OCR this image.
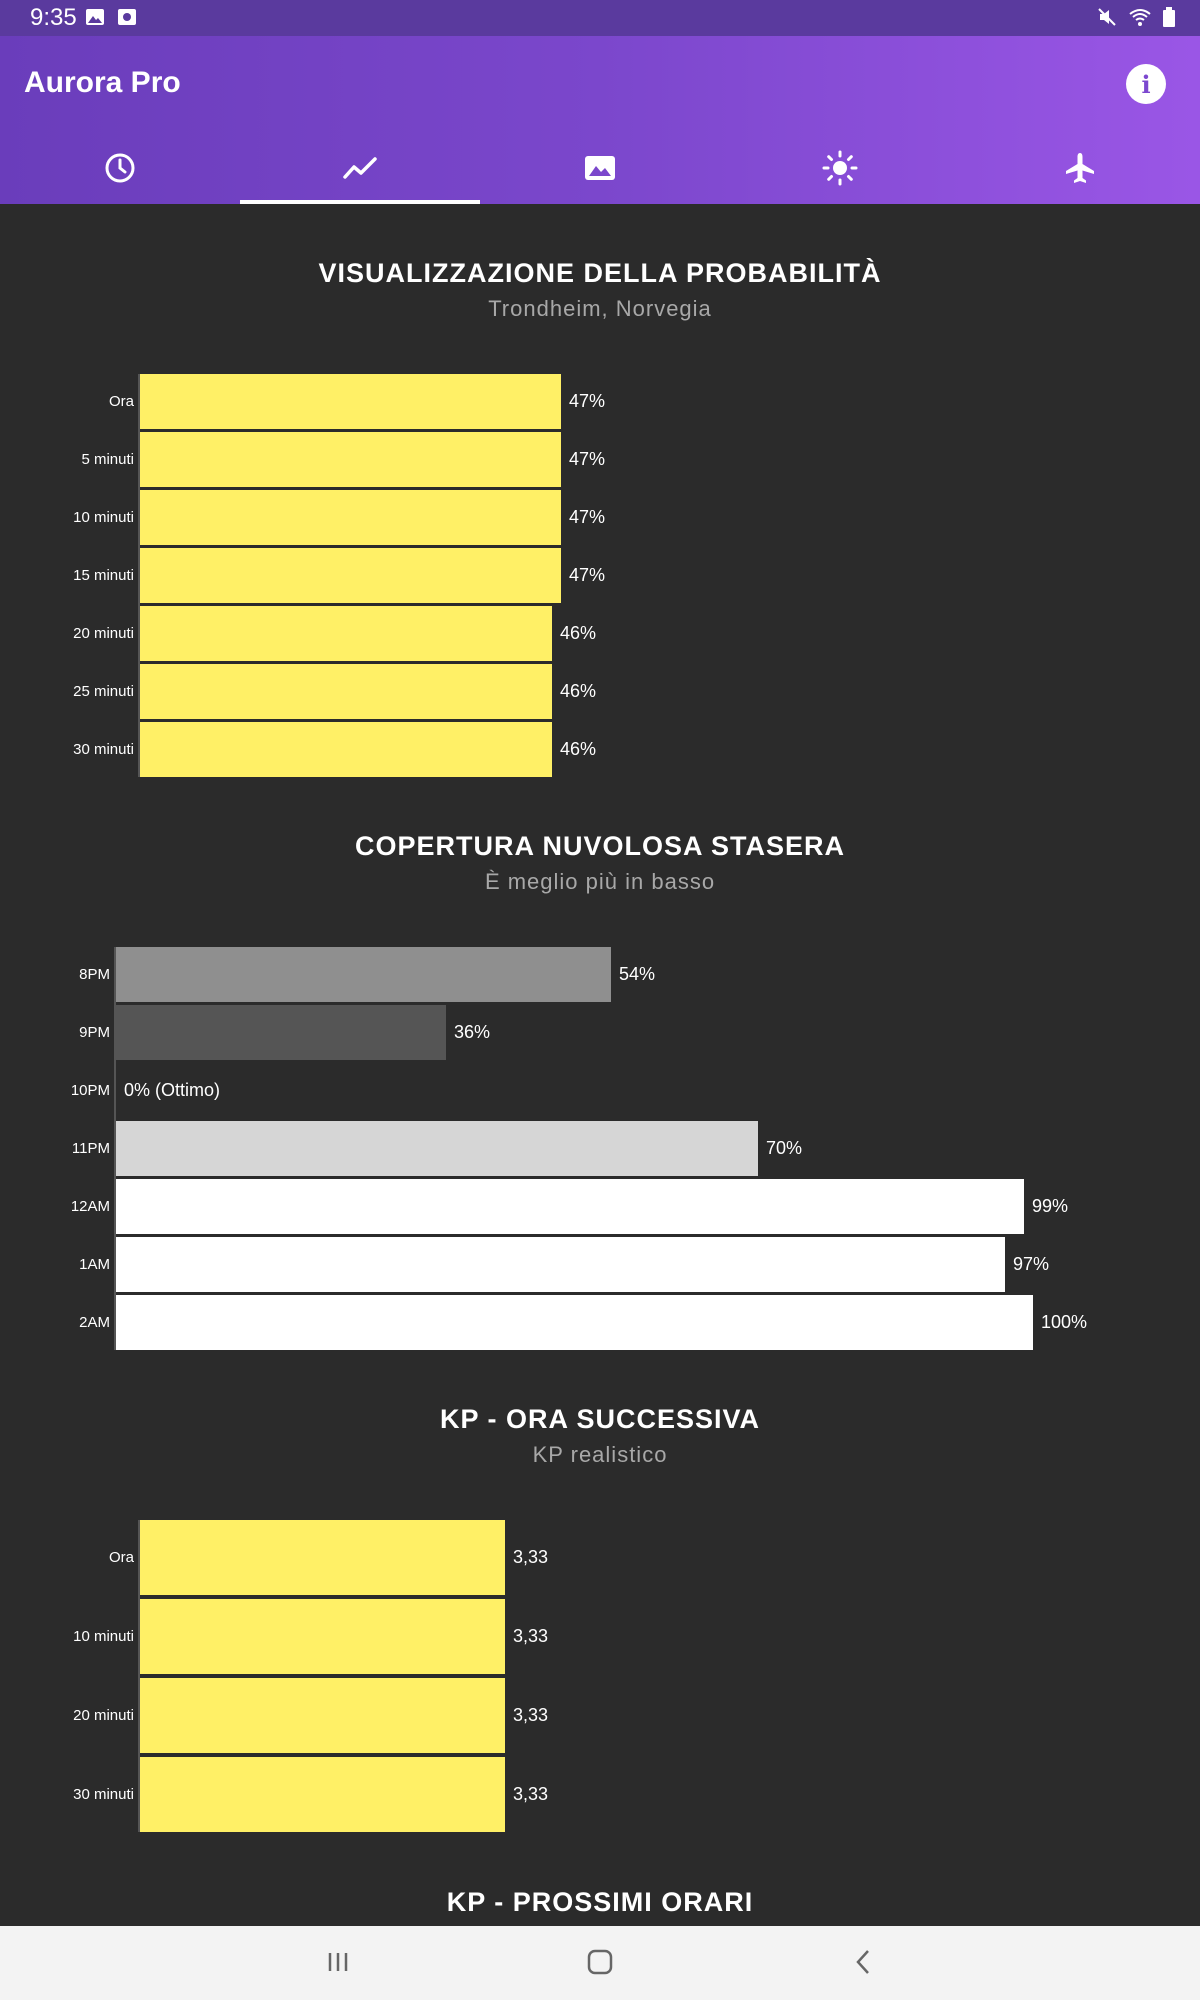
9:35
Aurora Pro	i
VISUALIZZAZIONE DELLA PROBABILITÀ
Trondheim, Norvegia
Ora	47%
5 minuti	47%
10 minuti	47%
15 minuti	47%
20 minuti	46%
25 minuti	46%
30 minuti	46%
COPERTURA NUVOLOSA STASERA
È meglio più in basso
8PM	54%
9PM	36%
10PM 0% (Ottimo)
11PM	70%
12AM	99%
1AM	97%
2AM	100%
KP - ORA SUCCESSIVA
KP realistico
Ora	3,33
10 minuti	3,33
20 minuti	3,33
30 minuti	3,33
KP - PROSSIMI ORARI
